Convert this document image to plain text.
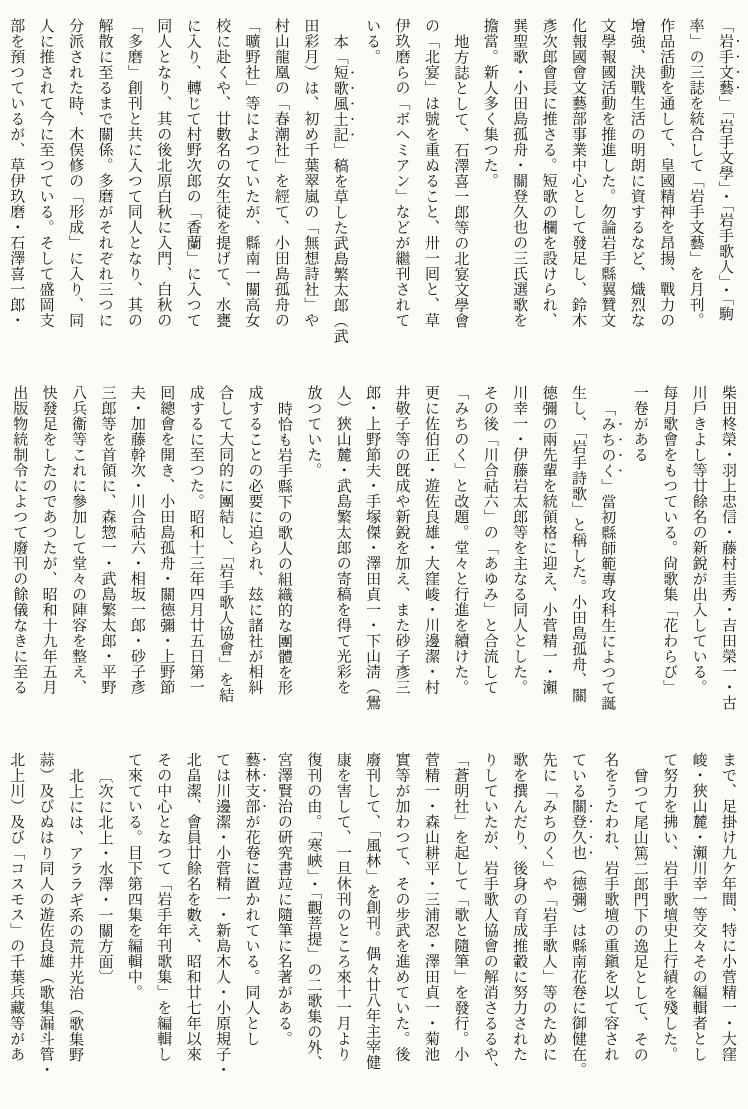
「岩手文藝」「岩手文學」・「岩手歌人」・「駒

率」の三誌を統合して「岩手文藝」を月刊。

作品活動を通して、皇國精神を昂揚、戰力の

增強、決戰生活の明朗に資するなど、熾烈な

文學報國活動を推進した。勿論岩手縣翼贊文

化報國會文藝部事業中心として發足し、鈴木

彥次郞會長に推さる。短歌の欄を設けられ、

巽聖歌・小田島孤舟・關登久也の三氏選歌を

擔當。新人多く集つた。

地方誌として、石澤喜一郞等の北宴文學會

の「北宴」は號を重ぬること、卅一囘と、草

伊玖磨らの「ボヘミアン」などが繼刊されて

いる。

本「短歌風土記」稿を草した武島繁太郞（武

田彩月）は、初め千葉翠嵐の「無想詩社」や

村山龍凰の「春潮社」を經て、小田島孤舟の

「曠野社」等によつていたが、縣南一關高女

校に赴くや、廿數名の女生徒を提げて、水甕

に入り、轉じて村野次郞の「香蘭」に入つて

同人となり、其の後北原白秋に入門、白秋の

「多磨」創刊と共に入つて同人となり、其の

解散に至るまで關係。多磨がそれぞれ三つに

分派された時、木俣修の「形成」に入り、同

人に推されて今に至つている。そして盛岡支

部を預つているが、草伊玖磨・石澤喜一郞・

柴田柊榮・羽上忠信・藤村圭秀・吉田榮一・古

川戶きよし等廿餘名の新銳が出入している。

每月歌會をもつている。尙歌集「花わらび」

一卷がある

「みちのく」當初縣師範專攻科生によつて誕

生し、「岩手詩歌」と稱した。小田島孤舟、關

德彌の兩先輩を統領格に迎え、小菅精一・瀨

川幸一・伊藤岩太郞等を主なる同人とした。

その後「川合祜六」の「あゆみ」と合流して

「みちのく」と改題。堂々と行進を續けた。

更に佐伯正・遊佐良雄・大窪峻・川邊潔・村

井敬子等の旣成や新銳を加え、また砂子彥三

郞・上野節夫・手塚傑・澤田貞一・下山淸（鷽

人）狹山麓・武島繁太郞の寄稿を得て光彩を

放つていた。

時恰も岩手縣下の歌人の組織的な團體を形

成することの必要に迫られ、玆に諸社が相糾

合して大同的に團結し、「岩手歌人協會」を結

成するに至つた。昭和十三年四月廿五日第一

囘總會を開き、小田島孤舟・關德彌・上野節

夫・加藤幹次・川合祜六・相坂一郞・砂子彥

三郞等を首領に、森惣一・武島繁太郞・平野

八兵衞等これに參加して堂々の陣容を整え、

快發足をしたのであつたが、昭和十九年五月

出版物統制令によつて廢刊の餘儀なきに至る

まで、足掛け九ケ年間、特に小菅精一・大窪

峻・狹山麓・瀨川幸一等交々その編輯者とし

て努力を拂い、岩手歌壇史上行績を殘した。

曾つて尾山篤二郞門下の逸足として、その

名をうたわれ、岩手歌壇の重鎭を以て容され

ている關登久也（德彌）は縣南花卷に御健在。

先に「みちのく」や「岩手歌人」等のために

歌を撰んだり、後身の育成推轂に努力された

りしていたが、岩手歌人協會の解消さるるや、

「蒼明社」を起して「歌と隨筆」を發行。小

菅精一・森山耕平・三浦忍・澤田貞一・菊池

實等が加わつて、その步武を進めていた。後

廢刊して、「風林」を創刊。偶々廿八年主宰健

康を害して、一旦休刊のところ來十一月より

復刊の由。「寒峽」・「觀菩提」の二歌集の外、

宮澤賢治の硏究書竝に隨筆に名著がある。

藝林支部が花卷に置かれている。同人とし

ては川邊潔・小菅精一・新島木人・小原規子・

北畠潔、會員廿餘名を數え、昭和廿七年以來

その中心となつて「岩手年刊歌集」を編輯し

て來ている。目下第四集を編輯中。

〔次に北上・水澤・一關方面〕

北上には、アララギ系の荒井光治（歌集野

蒜）及びぬはり同人の遊佐良雄（歌集漏斗管・

北上川）及び「コスモス」の千葉兵藏等があ
